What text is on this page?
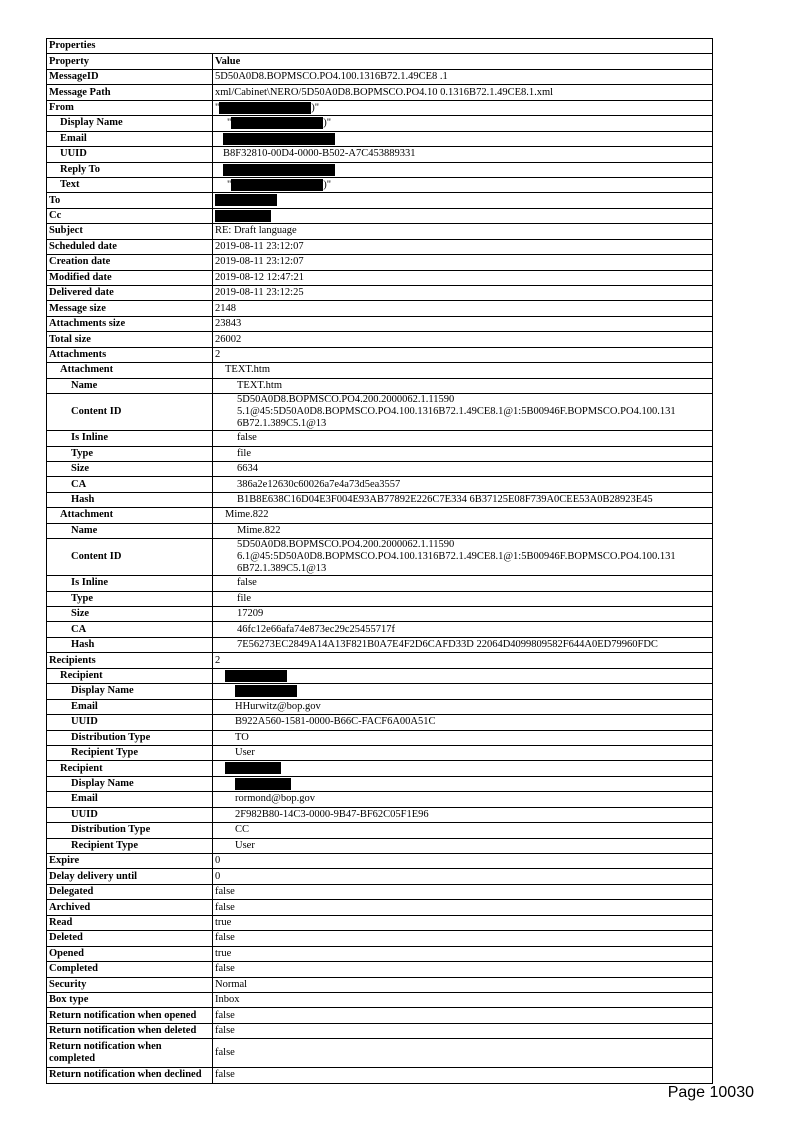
Properties	
Property	Value
MessageID	5D50A0D8.BOPMSCO.PO4.100.1316B72.1.49CE8 .1
Message Path	xml/Cabinet\NERO/5D50A0D8.BOPMSCO.PO4.10 0.1316B72.1.49CE8.1.xml
From	" )"
Display Name	" )"
Email	
UUID	B8F32810-00D4-0000-B502-A7C453889331
Reply To	
Text	" )"
To	
Cc	
Subject	RE: Draft language
Scheduled date	2019-08-11 23:12:07
Creation date	2019-08-11 23:12:07
Modified date	2019-08-12 12:47:21
Delivered date	2019-08-11 23:12:25
Message size	2148
Attachments size	23843
Total size	26002
Attachments	2
Attachment	TEXT.htm
Name	TEXT.htm
Content ID	5D50A0D8.BOPMSCO.PO4.200.2000062.1.11590 5.1@45:5D50A0D8.BOPMSCO.PO4.100.1316B72.1.49CE8.1@1:5B00946F.BOPMSCO.PO4.100.131 6B72.1.389C5.1@13
Is Inline	false
Type	file
Size	6634
CA	386a2e12630c60026a7e4a73d5ea3557
Hash	B1B8E638C16D04E3F004E93AB77892E226C7E334 6B37125E08F739A0CEE53A0B28923E45
Attachment	Mime.822
Name	Mime.822
Content ID	5D50A0D8.BOPMSCO.PO4.200.2000062.1.11590 6.1@45:5D50A0D8.BOPMSCO.PO4.100.1316B72.1.49CE8.1@1:5B00946F.BOPMSCO.PO4.100.131 6B72.1.389C5.1@13
Is Inline	false
Type	file
Size	17209
CA	46fc12e66afa74e873ec29c25455717f
Hash	7E56273EC2849A14A13F821B0A7E4F2D6CAFD33D 22064D4099809582F644A0ED79960FDC
Recipients	2
Recipient	
Display Name	
Email	HHurwitz@bop.gov
UUID	B922A560-1581-0000-B66C-FACF6A00A51C
Distribution Type	TO
Recipient Type	User
Recipient	
Display Name	
Email	rormond@bop.gov
UUID	2F982B80-14C3-0000-9B47-BF62C05F1E96
Distribution Type	CC
Recipient Type	User
Expire	0
Delay delivery until	0
Delegated	false
Archived	false
Read	true
Deleted	false
Opened	true
Completed	false
Security	Normal
Box type	Inbox
Return notification when opened	false
Return notification when deleted	false
Return notification when completed	false
Return notification when declined	false
Page 10030
